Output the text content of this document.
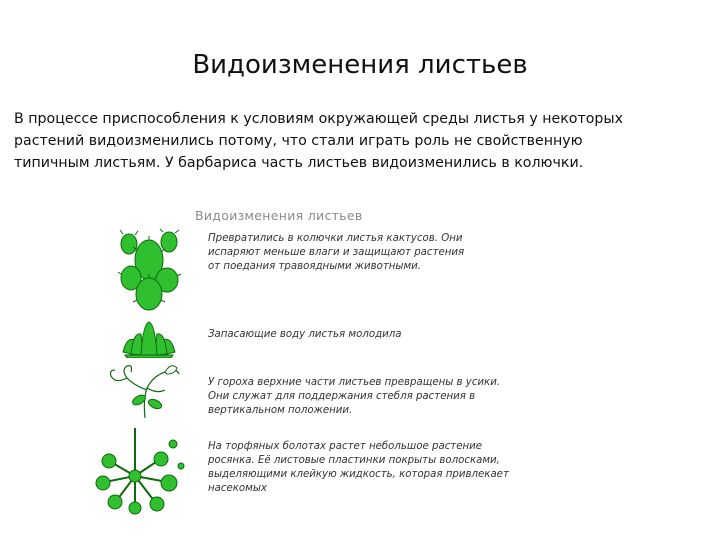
Видоизменения листьев
В процессе приспособления к условиям окружающей среды листья у некоторых
растений видоизменились потому, что стали играть роль не свойственную
типичным листьям. У барбариса часть листьев видоизменились в колючки.
Видоизменения листьев
Превратились в колючки листья кактусов. Они
испаряют меньше влаги и защищают растения
от поедания травоядными животными.
Запасающие воду листья молодила
У гороха верхние части листьев превращены в усики.
Они служат для поддержания стебля растения в
вертикальном положении.
На торфяных болотах растет небольшое растение
росянка. Её листовые пластинки покрыты волосками,
выделяющими клейкую жидкость, которая привлекает
насекомых
